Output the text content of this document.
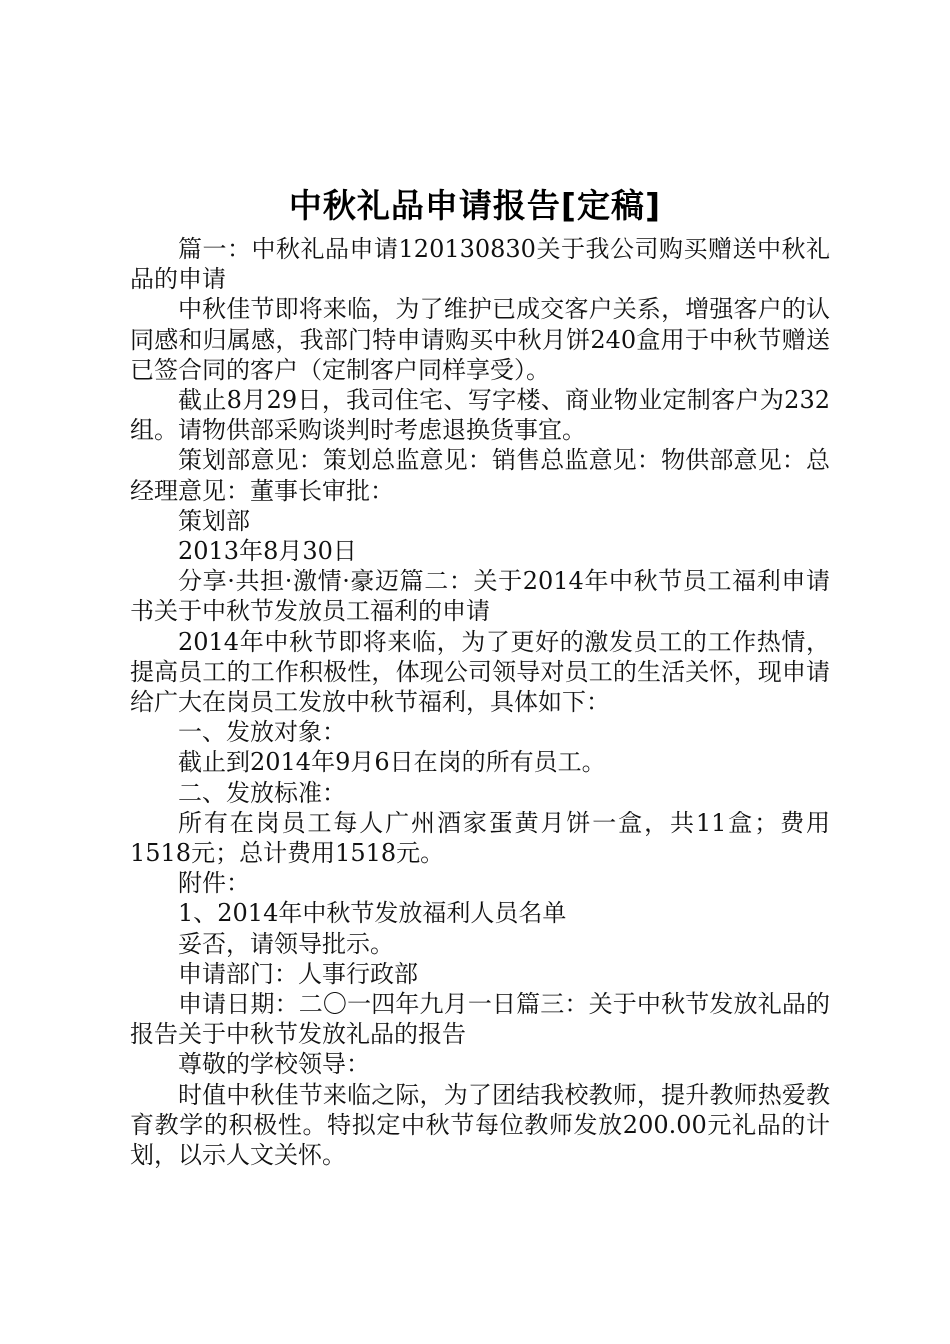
中秋礼品申请报告[定稿]

篇一：中秋礼品申请120130830关于我公司购买赠送中秋礼品的申请

中秋佳节即将来临，为了维护已成交客户关系，增强客户的认同感和归属感，我部门特申请购买中秋月饼240盒用于中秋节赠送已签合同的客户（定制客户同样享受）。

截止8月29日，我司住宅、写字楼、商业物业定制客户为232组。请物供部采购谈判时考虑退换货事宜。

策划部意见：策划总监意见：销售总监意见：物供部意见：总经理意见：董事长审批：

策划部

2013年8月30日

分享·共担·激情·豪迈篇二：关于2014年中秋节员工福利申请书关于中秋节发放员工福利的申请

2014年中秋节即将来临，为了更好的激发员工的工作热情，提高员工的工作积极性，体现公司领导对员工的生活关怀，现申请给广大在岗员工发放中秋节福利，具体如下：

一、发放对象：

截止到2014年9月6日在岗的所有员工。

二、发放标准：

所有在岗员工每人广州酒家蛋黄月饼一盒，共11盒；费用1518元；总计费用1518元。

附件：

1、2014年中秋节发放福利人员名单

妥否，请领导批示。

申请部门：人事行政部

申请日期：二〇一四年九月一日篇三：关于中秋节发放礼品的报告关于中秋节发放礼品的报告

尊敬的学校领导：

时值中秋佳节来临之际，为了团结我校教师，提升教师热爱教育教学的积极性。特拟定中秋节每位教师发放200.00元礼品的计划，以示人文关怀。
